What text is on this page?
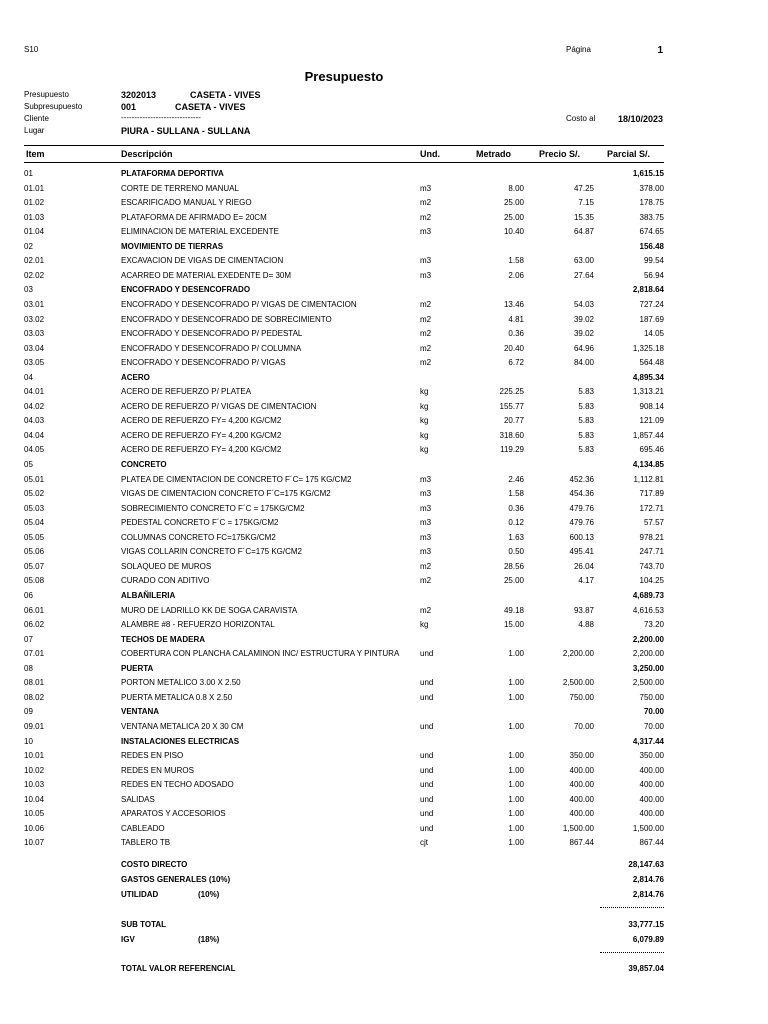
S10	Página	1
Presupuesto
Presupuesto	3202013	CASETA - VIVES
Subpresupuesto	001	CASETA - VIVES
Cliente	------------------------------	Costo al	18/10/2023
Lugar	PIURA - SULLANA - SULLANA
Item	Descripción	Und.	Metrado	Precio S/.	Parcial S/.
01	PLATAFORMA DEPORTIVA	1,615.15
01.01	CORTE DE TERRENO MANUAL	m3	8.00	47.25	378.00
01.02	ESCARIFICADO MANUAL Y RIEGO	m2	25.00	7.15	178.75
01.03	PLATAFORMA DE AFIRMADO E= 20CM	m2	25.00	15.35	383.75
01.04	ELIMINACION DE MATERIAL EXCEDENTE	m3	10.40	64.87	674.65
02	MOVIMIENTO DE TIERRAS	156.48
02.01	EXCAVACION DE VIGAS DE CIMENTACION	m3	1.58	63.00	99.54
02.02	ACARREO DE MATERIAL EXEDENTE D= 30M	m3	2.06	27.64	56.94
03	ENCOFRADO Y DESENCOFRADO	2,818.64
03.01	ENCOFRADO Y DESENCOFRADO P/ VIGAS DE CIMENTACION	m2	13.46	54.03	727.24
03.02	ENCOFRADO Y DESENCOFRADO DE SOBRECIMIENTO	m2	4.81	39.02	187.69
03.03	ENCOFRADO Y DESENCOFRADO P/ PEDESTAL	m2	0.36	39.02	14.05
03.04	ENCOFRADO Y DESENCOFRADO P/ COLUMNA	m2	20.40	64.96	1,325.18
03.05	ENCOFRADO Y DESENCOFRADO P/ VIGAS	m2	6.72	84.00	564.48
04	ACERO	4,895.34
04.01	ACERO DE REFUERZO P/ PLATEA	kg	225.25	5.83	1,313.21
04.02	ACERO DE REFUERZO P/ VIGAS DE CIMENTACION	kg	155.77	5.83	908.14
04.03	ACERO DE REFUERZO FY= 4,200 KG/CM2	kg	20.77	5.83	121.09
04.04	ACERO DE REFUERZO FY= 4,200 KG/CM2	kg	318.60	5.83	1,857.44
04.05	ACERO DE REFUERZO FY= 4,200 KG/CM2	kg	119.29	5.83	695.46
05	CONCRETO	4,134.85
05.01	PLATEA DE CIMENTACION DE CONCRETO F´C= 175 KG/CM2	m3	2.46	452.36	1,112.81
05.02	VIGAS DE CIMENTACION CONCRETO F´C=175 KG/CM2	m3	1.58	454.36	717.89
05.03	SOBRECIMIENTO CONCRETO F´C = 175KG/CM2	m3	0.36	479.76	172.71
05.04	PEDESTAL CONCRETO F´C = 175KG/CM2	m3	0.12	479.76	57.57
05.05	COLUMNAS CONCRETO FC=175KG/CM2	m3	1.63	600.13	978.21
05.06	VIGAS COLLARIN CONCRETO F´C=175 KG/CM2	m3	0.50	495.41	247.71
05.07	SOLAQUEO DE MUROS	m2	28.56	26.04	743.70
05.08	CURADO CON ADITIVO	m2	25.00	4.17	104.25
06	ALBAÑILERIA	4,689.73
06.01	MURO DE LADRILLO KK DE SOGA CARAVISTA	m2	49.18	93.87	4,616.53
06.02	ALAMBRE #8 - REFUERZO HORIZONTAL	kg	15.00	4.88	73.20
07	TECHOS DE MADERA	2,200.00
07.01	COBERTURA CON PLANCHA CALAMINON INC/ ESTRUCTURA Y PINTURA	und	1.00	2,200.00	2,200.00
08	PUERTA	3,250.00
08.01	PORTON METALICO 3.00 X 2.50	und	1.00	2,500.00	2,500.00
08.02	PUERTA METALICA 0.8 X 2.50	und	1.00	750.00	750.00
09	VENTANA	70.00
09.01	VENTANA METALICA 20 X 30 CM	und	1.00	70.00	70.00
10	INSTALACIONES ELECTRICAS	4,317.44
10.01	REDES EN PISO	und	1.00	350.00	350.00
10.02	REDES EN MUROS	und	1.00	400.00	400.00
10.03	REDES EN TECHO ADOSADO	und	1.00	400.00	400.00
10.04	SALIDAS	und	1.00	400.00	400.00
10.05	APARATOS Y ACCESORIOS	und	1.00	400.00	400.00
10.06	CABLEADO	und	1.00	1,500.00	1,500.00
10.07	TABLERO TB	cjt	1.00	867.44	867.44
COSTO DIRECTO	28,147.63
GASTOS GENERALES (10%)	2,814.76
UTILIDAD	(10%)	2,814.76
SUB TOTAL	33,777.15
IGV	(18%)	6,079.89
TOTAL VALOR REFERENCIAL	39,857.04
